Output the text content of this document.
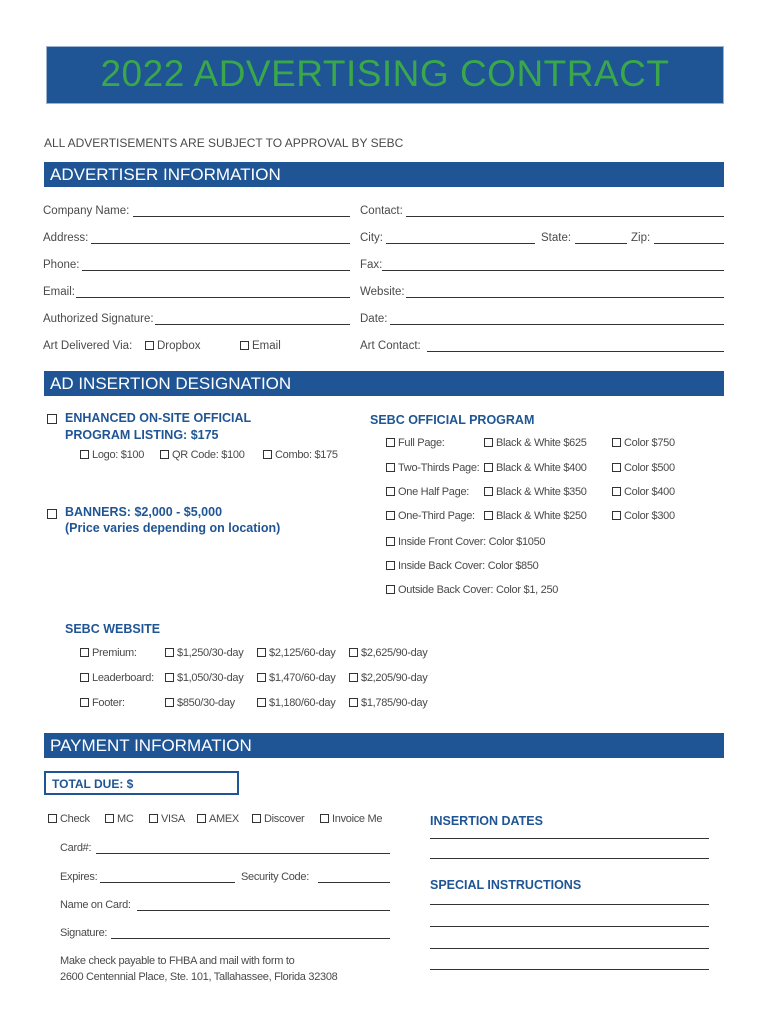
2022 ADVERTISING CONTRACT
ALL ADVERTISEMENTS ARE SUBJECT TO APPROVAL BY SEBC
ADVERTISER INFORMATION
Company Name:	Contact:
Address:	City:	State:	Zip:
Phone:	Fax:
Email:	Website:
Authorized Signature:	Date:
Art Delivered Via:	Dropbox	Email	Art Contact:
AD INSERTION DESIGNATION
ENHANCED ON-SITE OFFICIAL
PROGRAM LISTING: $175
Logo: $100	QR Code: $100	Combo: $175
BANNERS: $2,000 - $5,000
(Price varies depending on location)
SEBC OFFICIAL PROGRAM
Full Page:	Black & White $625	Color $750
Two-Thirds Page:	Black & White $400	Color $500
One Half Page:	Black & White $350	Color $400
One-Third Page:	Black & White $250	Color $300
Inside Front Cover: Color $1050
Inside Back Cover: Color $850
Outside Back Cover: Color $1, 250
SEBC WEBSITE
Premium:	$1,250/30-day	$2,125/60-day	$2,625/90-day
Leaderboard:	$1,050/30-day	$1,470/60-day	$2,205/90-day
Footer:	$850/30-day	$1,180/60-day	$1,785/90-day
PAYMENT INFORMATION
TOTAL DUE: $
Check	MC	VISA	AMEX	Discover	Invoice Me
Card#:
Expires:	Security Code:
Name on Card:
Signature:
Make check payable to FHBA and mail with form to
2600 Centennial Place, Ste. 101, Tallahassee, Florida 32308
INSERTION DATES
SPECIAL INSTRUCTIONS
